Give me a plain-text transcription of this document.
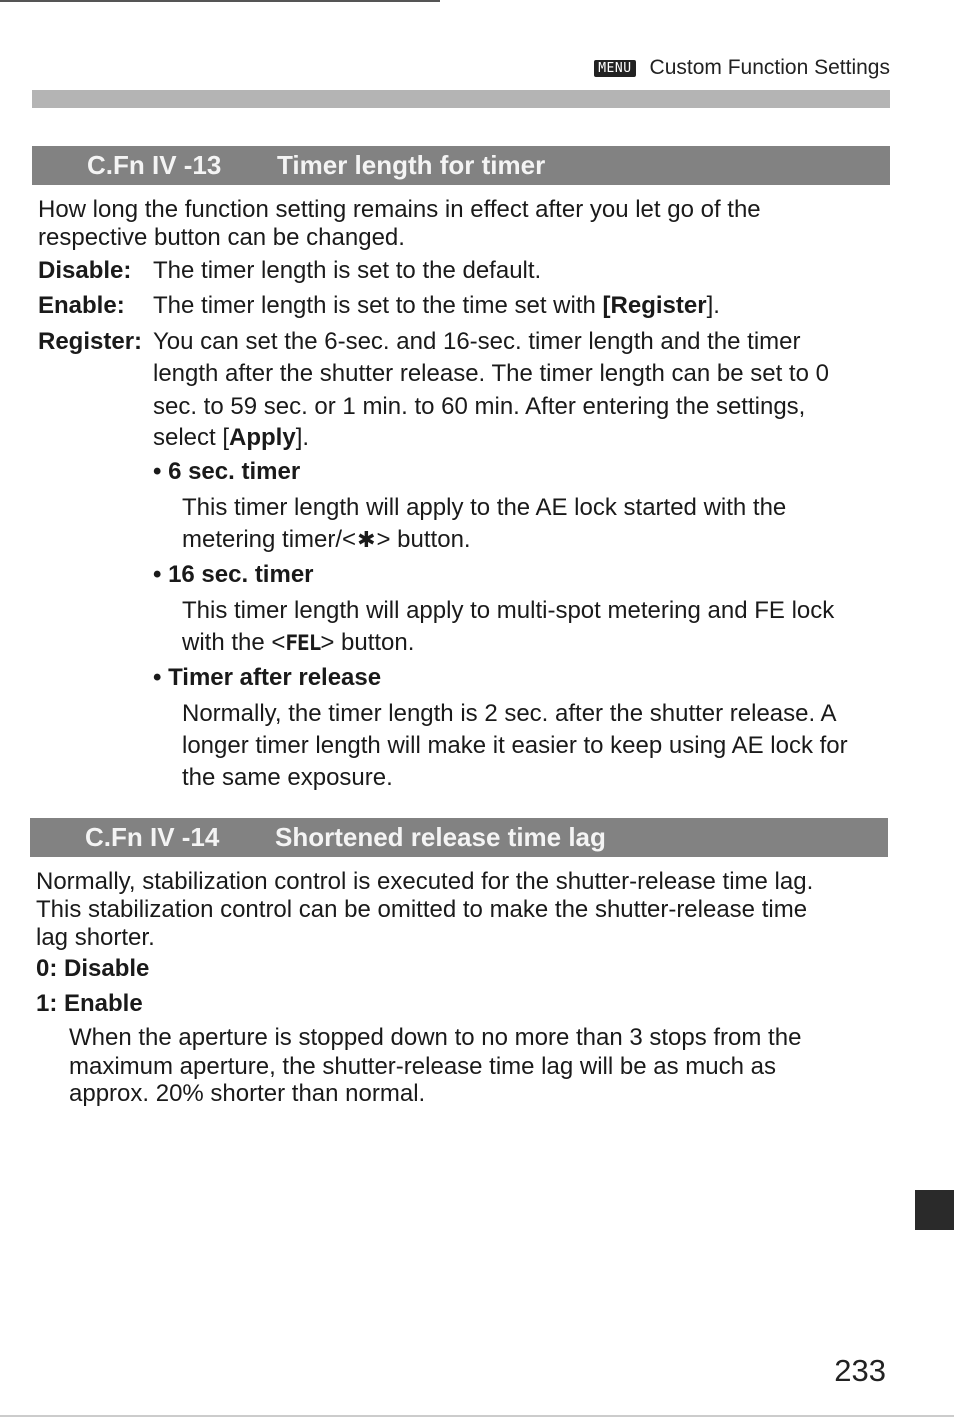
MENU Custom Function Settings
C.Fn IV -13 Timer length for timer
How long the function setting remains in effect after you let go of the
respective button can be changed.
Disable: The timer length is set to the default.
Enable: The timer length is set to the time set with [Register].
Register: You can set the 6-sec. and 16-sec. timer length and the timer
length after the shutter release. The timer length can be set to 0
sec. to 59 sec. or 1 min. to 60 min. After entering the settings,
select [Apply].
• 6 sec. timer
This timer length will apply to the AE lock started with the
metering timer/<✱> button.
• 16 sec. timer
This timer length will apply to multi-spot metering and FE lock
with the <FEL> button.
• Timer after release
Normally, the timer length is 2 sec. after the shutter release. A
longer timer length will make it easier to keep using AE lock for
the same exposure.
C.Fn IV -14 Shortened release time lag
Normally, stabilization control is executed for the shutter-release time lag.
This stabilization control can be omitted to make the shutter-release time
lag shorter.
0: Disable
1: Enable
When the aperture is stopped down to no more than 3 stops from the
maximum aperture, the shutter-release time lag will be as much as
approx. 20% shorter than normal.
233
